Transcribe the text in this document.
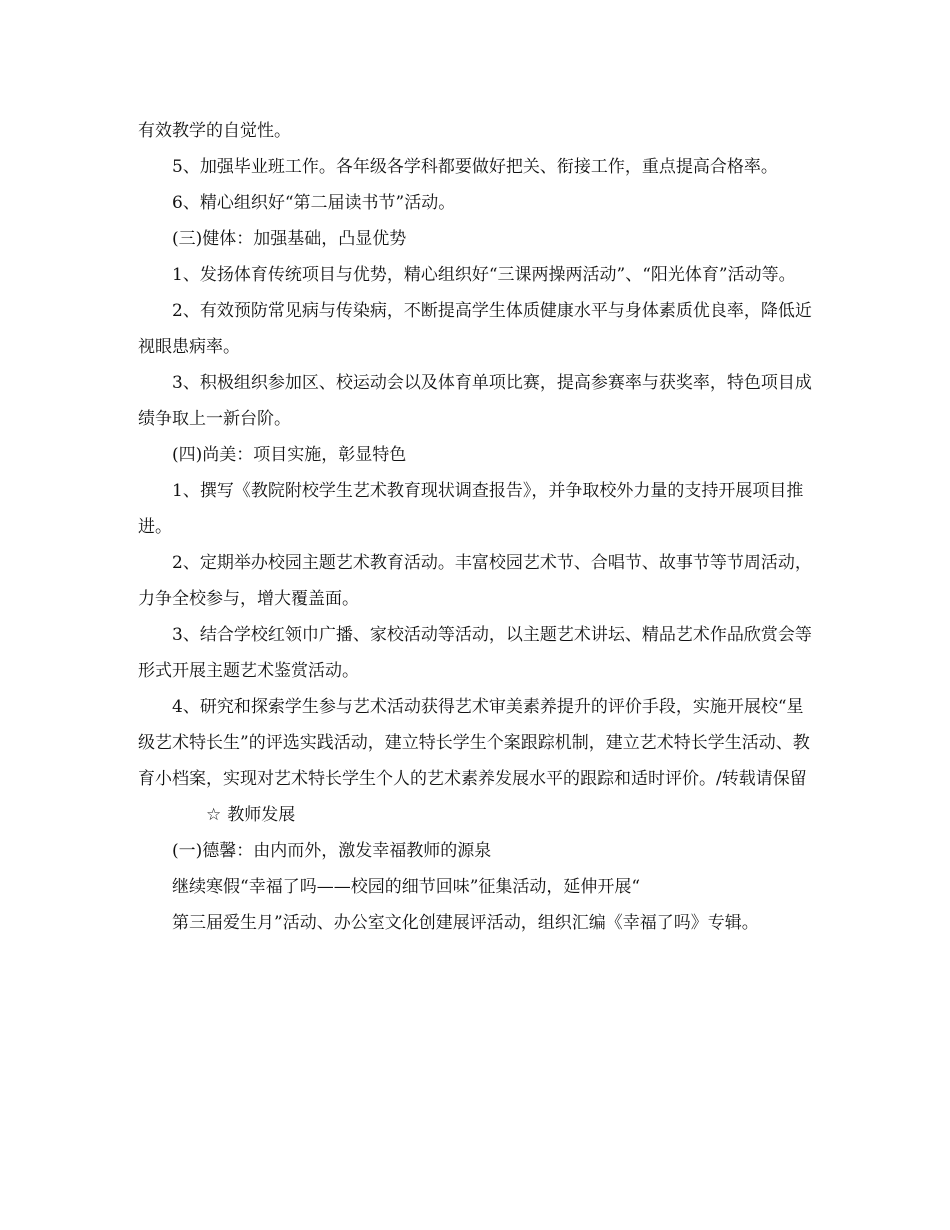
有效教学的自觉性。

5、加强毕业班工作。各年级各学科都要做好把关、衔接工作，重点提高合格率。

6、精心组织好“第二届读书节”活动。

(三)健体：加强基础，凸显优势

1、发扬体育传统项目与优势，精心组织好“三课两操两活动”、“阳光体育”活动等。

2、有效预防常见病与传染病，不断提高学生体质健康水平与身体素质优良率，降低近视眼患病率。

3、积极组织参加区、校运动会以及体育单项比赛，提高参赛率与获奖率，特色项目成绩争取上一新台阶。

(四)尚美：项目实施，彰显特色

1、撰写《教院附校学生艺术教育现状调查报告》，并争取校外力量的支持开展项目推进。

2、定期举办校园主题艺术教育活动。丰富校园艺术节、合唱节、故事节等节周活动，力争全校参与，增大覆盖面。

3、结合学校红领巾广播、家校活动等活动，以主题艺术讲坛、精品艺术作品欣赏会等形式开展主题艺术鉴赏活动。

4、研究和探索学生参与艺术活动获得艺术审美素养提升的评价手段，实施开展校“星级艺术特长生”的评选实践活动，建立特长学生个案跟踪机制，建立艺术特长学生活动、教育小档案，实现对艺术特长学生个人的艺术素养发展水平的跟踪和适时评价。/转载请保留

☆ 教师发展

(一)德馨：由内而外，激发幸福教师的源泉

继续寒假“幸福了吗——校园的细节回味”征集活动，延伸开展“

第三届爱生月”活动、办公室文化创建展评活动，组织汇编《幸福了吗》专辑。
